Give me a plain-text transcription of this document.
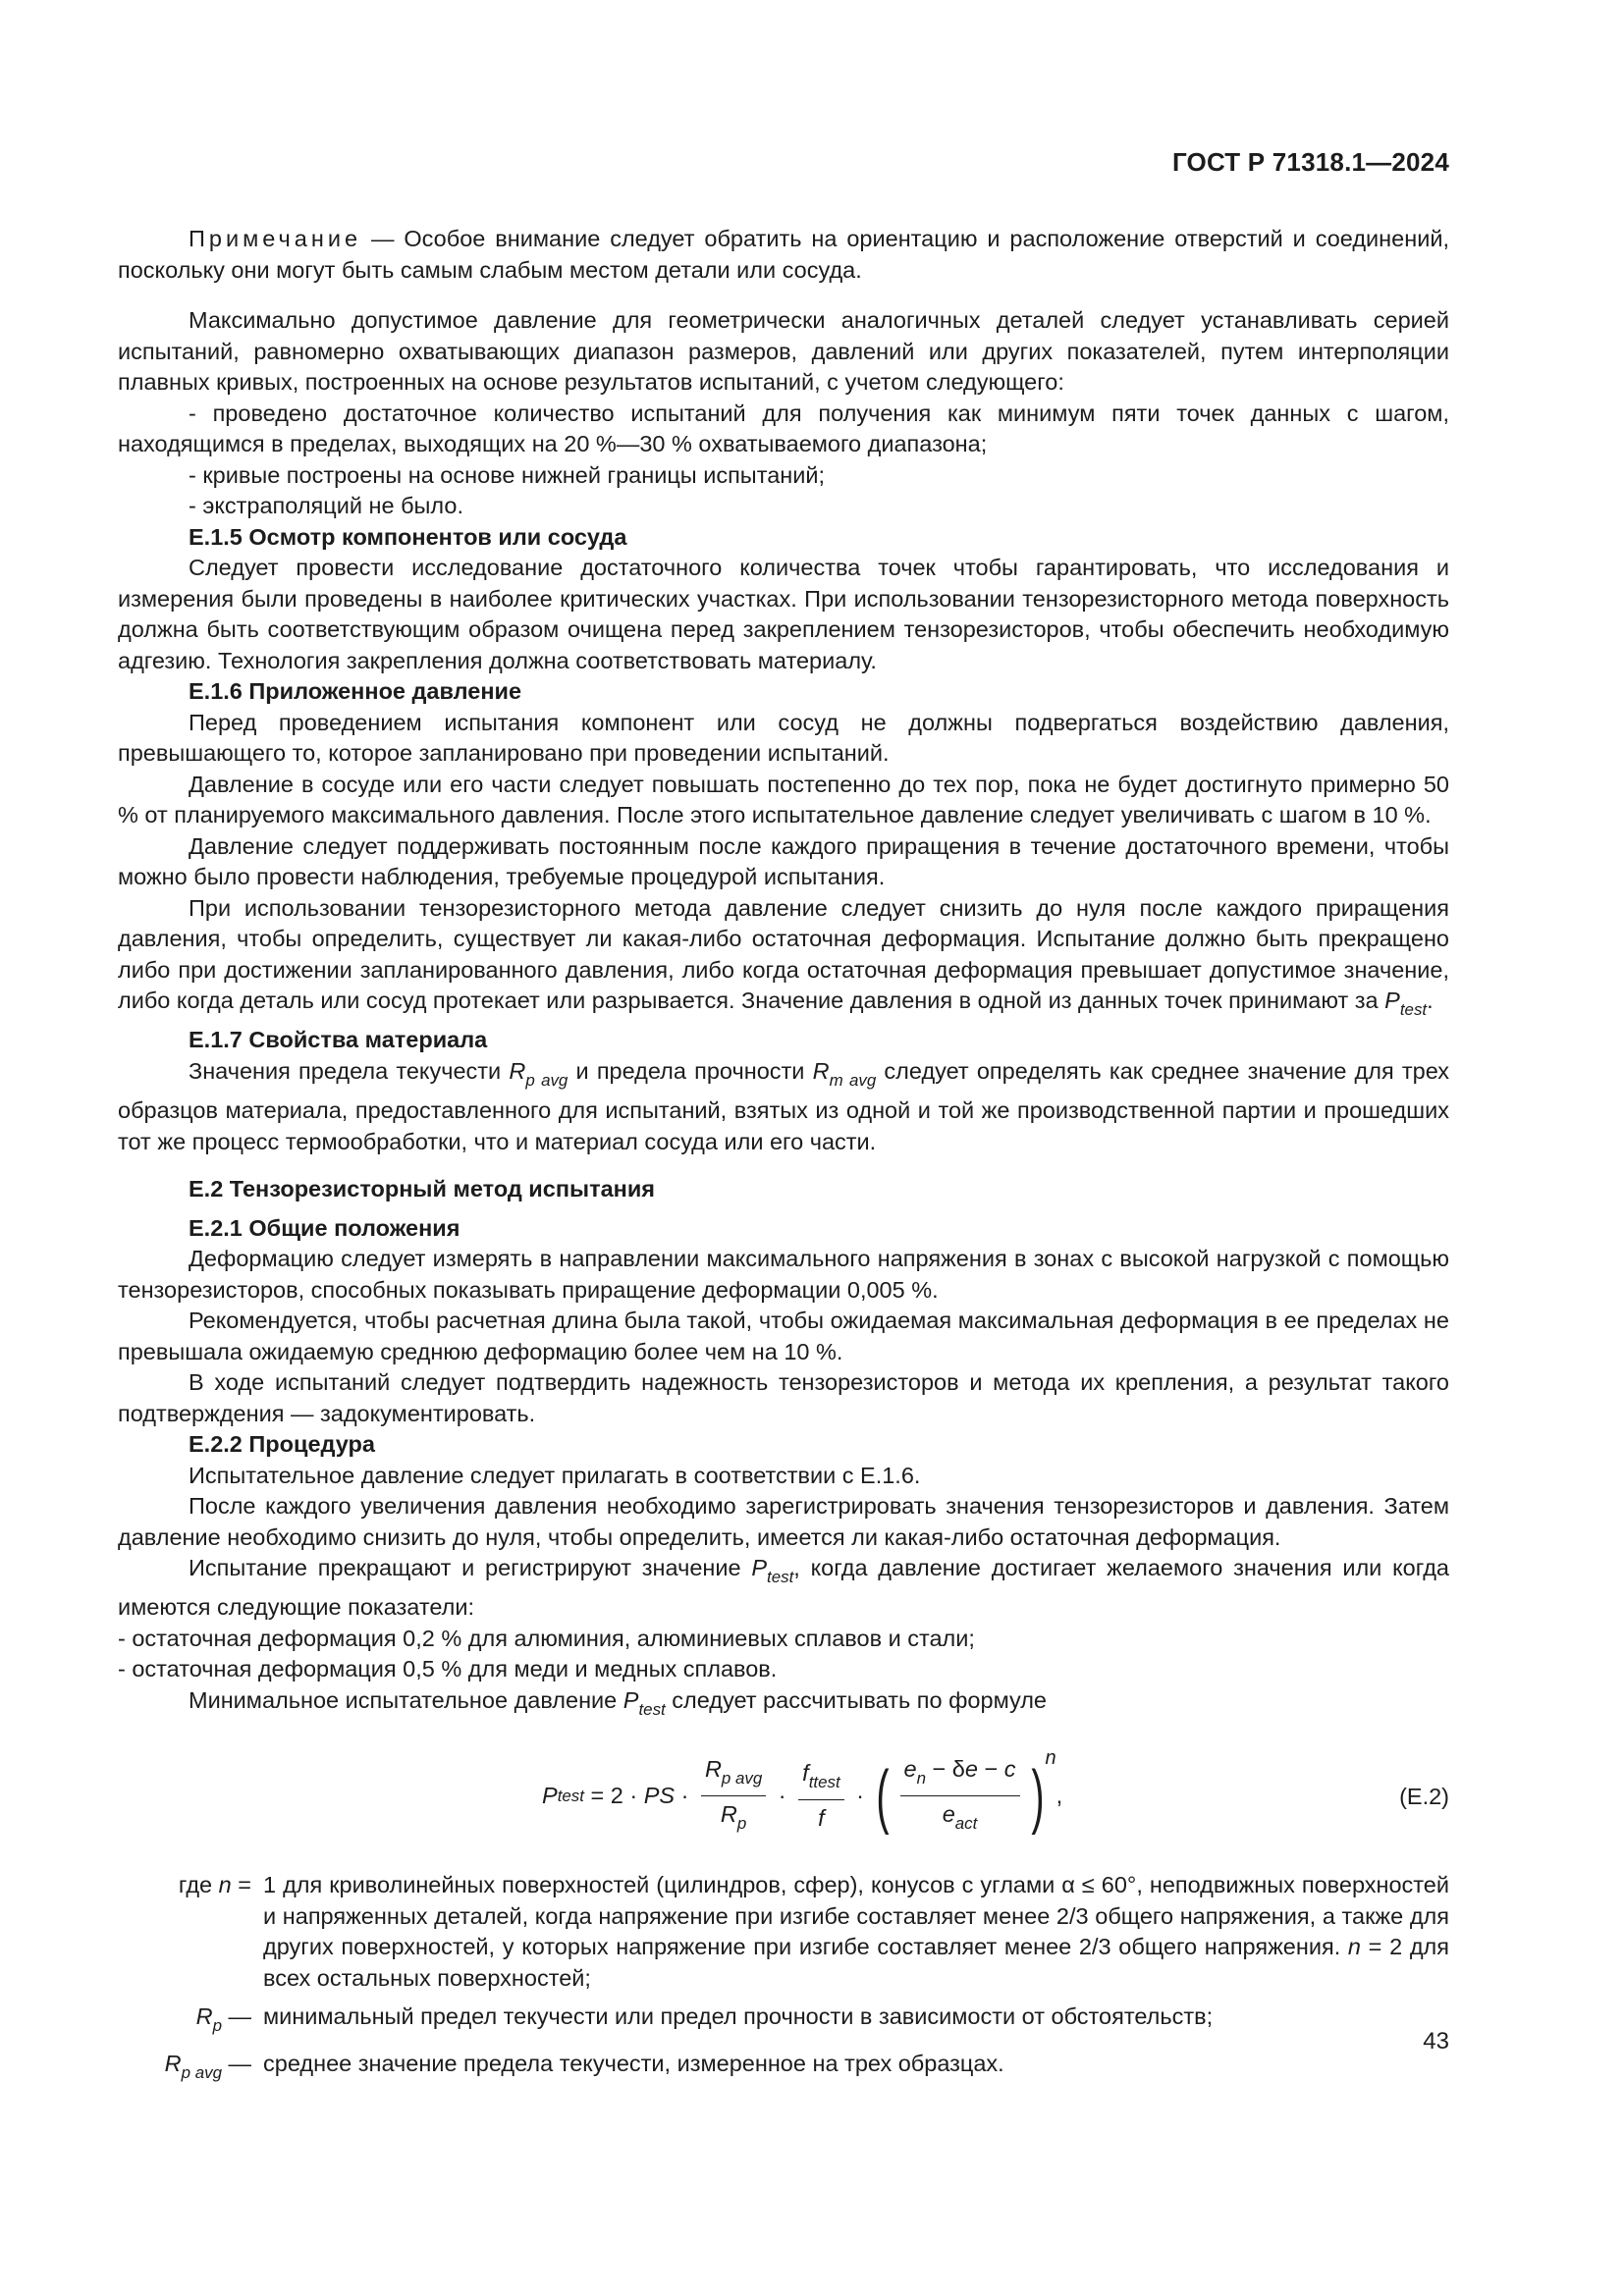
ГОСТ Р 71318.1—2024

Примечание — Особое внимание следует обратить на ориентацию и расположение отверстий и соединений, поскольку они могут быть самым слабым местом детали или сосуда.

Максимально допустимое давление для геометрически аналогичных деталей следует устанавливать серией испытаний, равномерно охватывающих диапазон размеров, давлений или других показателей, путем интерполяции плавных кривых, построенных на основе результатов испытаний, с учетом следующего:

- проведено достаточное количество испытаний для получения как минимум пяти точек данных с шагом, находящимся в пределах, выходящих на 20 %—30 % охватываемого диапазона;

- кривые построены на основе нижней границы испытаний;

- экстраполяций не было.

Е.1.5 Осмотр компонентов или сосуда

Следует провести исследование достаточного количества точек чтобы гарантировать, что исследования и измерения были проведены в наиболее критических участках. При использовании тензорезисторного метода поверхность должна быть соответствующим образом очищена перед закреплением тензорезисторов, чтобы обеспечить необходимую адгезию. Технология закрепления должна соответствовать материалу.

Е.1.6 Приложенное давление

Перед проведением испытания компонент или сосуд не должны подвергаться воздействию давления, превышающего то, которое запланировано при проведении испытаний.

Давление в сосуде или его части следует повышать постепенно до тех пор, пока не будет достигнуто примерно 50 % от планируемого максимального давления. После этого испытательное давление следует увеличивать с шагом в 10 %.

Давление следует поддерживать постоянным после каждого приращения в течение достаточного времени, чтобы можно было провести наблюдения, требуемые процедурой испытания.

При использовании тензорезисторного метода давление следует снизить до нуля после каждого приращения давления, чтобы определить, существует ли какая-либо остаточная деформация. Испытание должно быть прекращено либо при достижении запланированного давления, либо когда остаточная деформация превышает допустимое значение, либо когда деталь или сосуд протекает или разрывается. Значение давления в одной из данных точек принимают за $P_{test}$.

Е.1.7 Свойства материала

Значения предела текучести $R_{p avg}$ и предела прочности $R_{m avg}$ следует определять как среднее значение для трех образцов материала, предоставленного для испытаний, взятых из одной и той же производственной партии и прошедших тот же процесс термообработки, что и материал сосуда или его части.

Е.2 Тензорезисторный метод испытания
Е.2.1 Общие положения

Деформацию следует измерять в направлении максимального напряжения в зонах с высокой нагрузкой с помощью тензорезисторов, способных показывать приращение деформации 0,005 %.

Рекомендуется, чтобы расчетная длина была такой, чтобы ожидаемая максимальная деформация в ее пределах не превышала ожидаемую среднюю деформацию более чем на 10 %.

В ходе испытаний следует подтвердить надежность тензорезисторов и метода их крепления, а результат такого подтверждения — задокументировать.

Е.2.2 Процедура

Испытательное давление следует прилагать в соответствии с Е.1.6.

После каждого увеличения давления необходимо зарегистрировать значения тензорезисторов и давления. Затем давление необходимо снизить до нуля, чтобы определить, имеется ли какая-либо остаточная деформация.

Испытание прекращают и регистрируют значение $P_{test}$, когда давление достигает желаемого значения или когда имеются следующие показатели:

- остаточная деформация 0,2 % для алюминия, алюминиевых сплавов и стали;

- остаточная деформация 0,5 % для меди и медных сплавов.

Минимальное испытательное давление $P_{test}$ следует рассчитывать по формуле

P test = 2 · PS · $\frac{R_{p avg}}{R_p} \cdot \frac{f_{ttest}}{f}$ · ( $\frac{e_n - \delta e - c}{e_{act}}$ ) n
,	(Е.2)
где n = 1 для криволинейных поверхностей (цилиндров, сфер), конусов с углами α ≤ 60°, неподвижных поверхностей и напряженных деталей, когда напряжение при изгибе составляет менее 2/3 общего напряжения, а также для других поверхностей, у которых напряжение при изгибе составляет менее 2/3 общего напряжения. n = 2 для всех остальных поверхностей;
$R_p$ — минимальный предел текучести или предел прочности в зависимости от обстоятельств;
$R_{p avg}$ — среднее значение предела текучести, измеренное на трех образцах.
43
